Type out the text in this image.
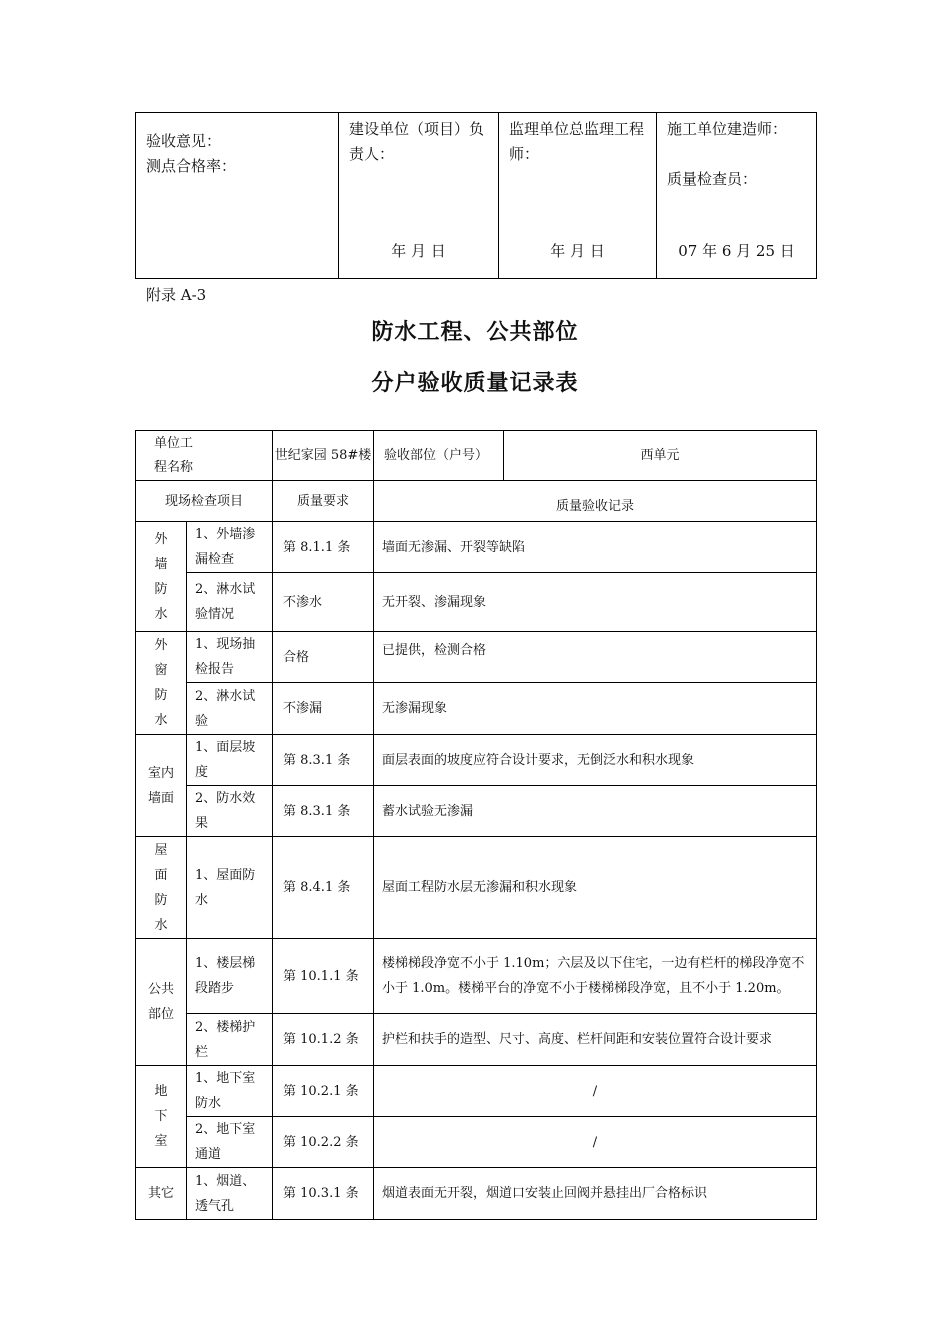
验收意见：
测点合格率：

建设单位（项目）负责人：
年 月 日

监理单位总监理工程师：
年 月 日

施工单位建造师：
质量检查员：
07 年 6 月 25 日
附录 A-3
防水工程、公共部位
分户验收质量记录表
单位工程名称		世纪家园 58#楼	验收部位（户号）	西单元
现场检查项目		质量要求	质量验收记录	
外墙防水	1、外墙渗漏检查	第 8.1.1 条	墙面无渗漏、开裂等缺陷	
	2、淋水试验情况	不渗水	无开裂、渗漏现象	
外窗防水	1、现场抽检报告	合格	已提供，检测合格	
	2、淋水试验	不渗漏	无渗漏现象	
室内墙面	1、面层坡度	第 8.3.1 条	面层表面的坡度应符合设计要求，无倒泛水和积水现象	
	2、防水效果	第 8.3.1 条	蓄水试验无渗漏	
屋面防水	1、屋面防水	第 8.4.1 条	屋面工程防水层无渗漏和积水现象	
公共部位	1、楼层梯段踏步	第 10.1.1 条	楼梯梯段净宽不小于 1.10m；六层及以下住宅，一边有栏杆的梯段净宽不小于 1.0m。楼梯平台的净宽不小于楼梯梯段净宽，且不小于 1.20m。	
	2、楼梯护栏	第 10.1.2 条	护栏和扶手的造型、尺寸、高度、栏杆间距和安装位置符合设计要求	
地下室	1、地下室防水	第 10.2.1 条	/	
	2、地下室通道	第 10.2.2 条	/	
其它	1、烟道、透气孔	第 10.3.1 条	烟道表面无开裂，烟道口安装止回阀并悬挂出厂合格标识	
